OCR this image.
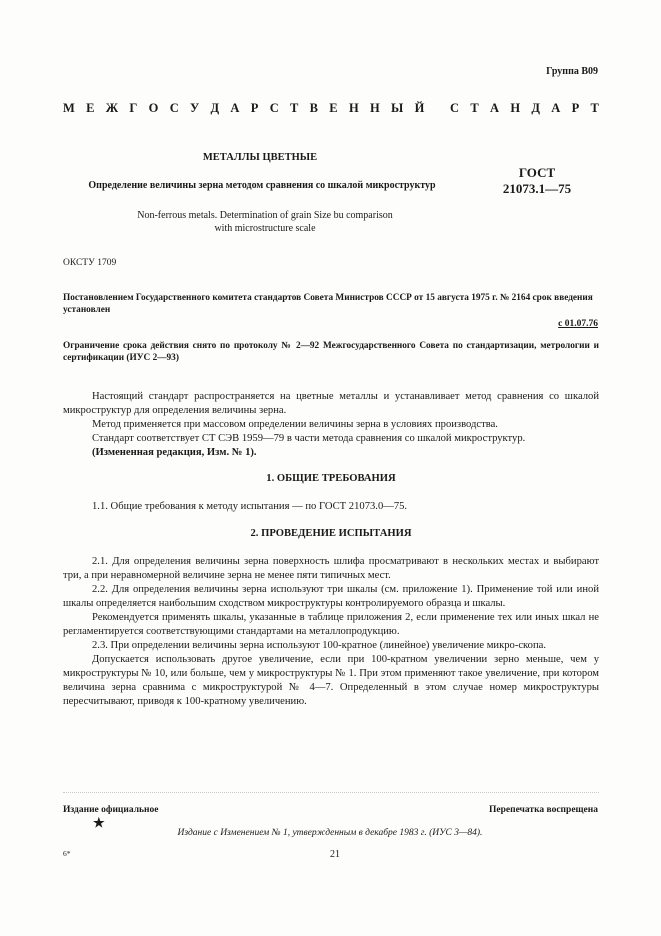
Группа В09
М Е Ж Г О С У Д А Р С Т В Е Н Н Ы Й
С Т А Н Д А Р Т
МЕТАЛЛЫ ЦВЕТНЫЕ
Определение величины зерна методом сравнения со шкалой микроструктур
ГОСТ
21073.1—75
Non-ferrous metals. Determination of grain Size bu comparison
with microstructure scale
ОКСТУ 1709
Постановлением Государственного комитета стандартов Совета Министров СССР от 15 августа 1975 г. № 2164 срок введения установлен
с 01.07.76
Ограничение срока действия снято по протоколу № 2—92 Межгосударственного Совета по стандартизации, метрологии и сертификации (ИУС 2—93)

Настоящий стандарт распространяется на цветные металлы и устанавливает метод сравнения со шкалой микроструктур для определения величины зерна.

Метод применяется при массовом определении величины зерна в условиях производства.

Стандарт соответствует СТ СЭВ 1959—79 в части метода сравнения со шкалой микроструктур.

(Измененная редакция, Изм. № 1).

1. ОБЩИЕ ТРЕБОВАНИЯ

1.1. Общие требования к методу испытания — по ГОСТ 21073.0—75.

2. ПРОВЕДЕНИЕ ИСПЫТАНИЯ

2.1. Для определения величины зерна поверхность шлифа просматривают в нескольких местах и выбирают три, а при неравномерной величине зерна не менее пяти типичных мест.

2.2. Для определения величины зерна используют три шкалы (см. приложение 1). Применение той или иной шкалы определяется наибольшим сходством микроструктуры контролируемого образца и шкалы.

Рекомендуется применять шкалы, указанные в таблице приложения 2, если применение тех или иных шкал не регламентируется соответствующими стандартами на металлопродукцию.

2.3. При определении величины зерна используют 100-кратное (линейное) увеличение микро-скопа.

Допускается использовать другое увеличение, если при 100-кратном увеличении зерно меньше, чем у микроструктуры № 10, или больше, чем у микроструктуры № 1. При этом применяют такое увеличение, при котором величина зерна сравнима с микроструктурой № 4—7. Определенный в этом случае номер микроструктуры пересчитывают, приводя к 100-кратному увеличению.

Издание официальное	Перепечатка воспрещена
★
Издание с Изменением № 1, утвержденным в декабре 1983 г. (ИУС 3—84).
6*	21
